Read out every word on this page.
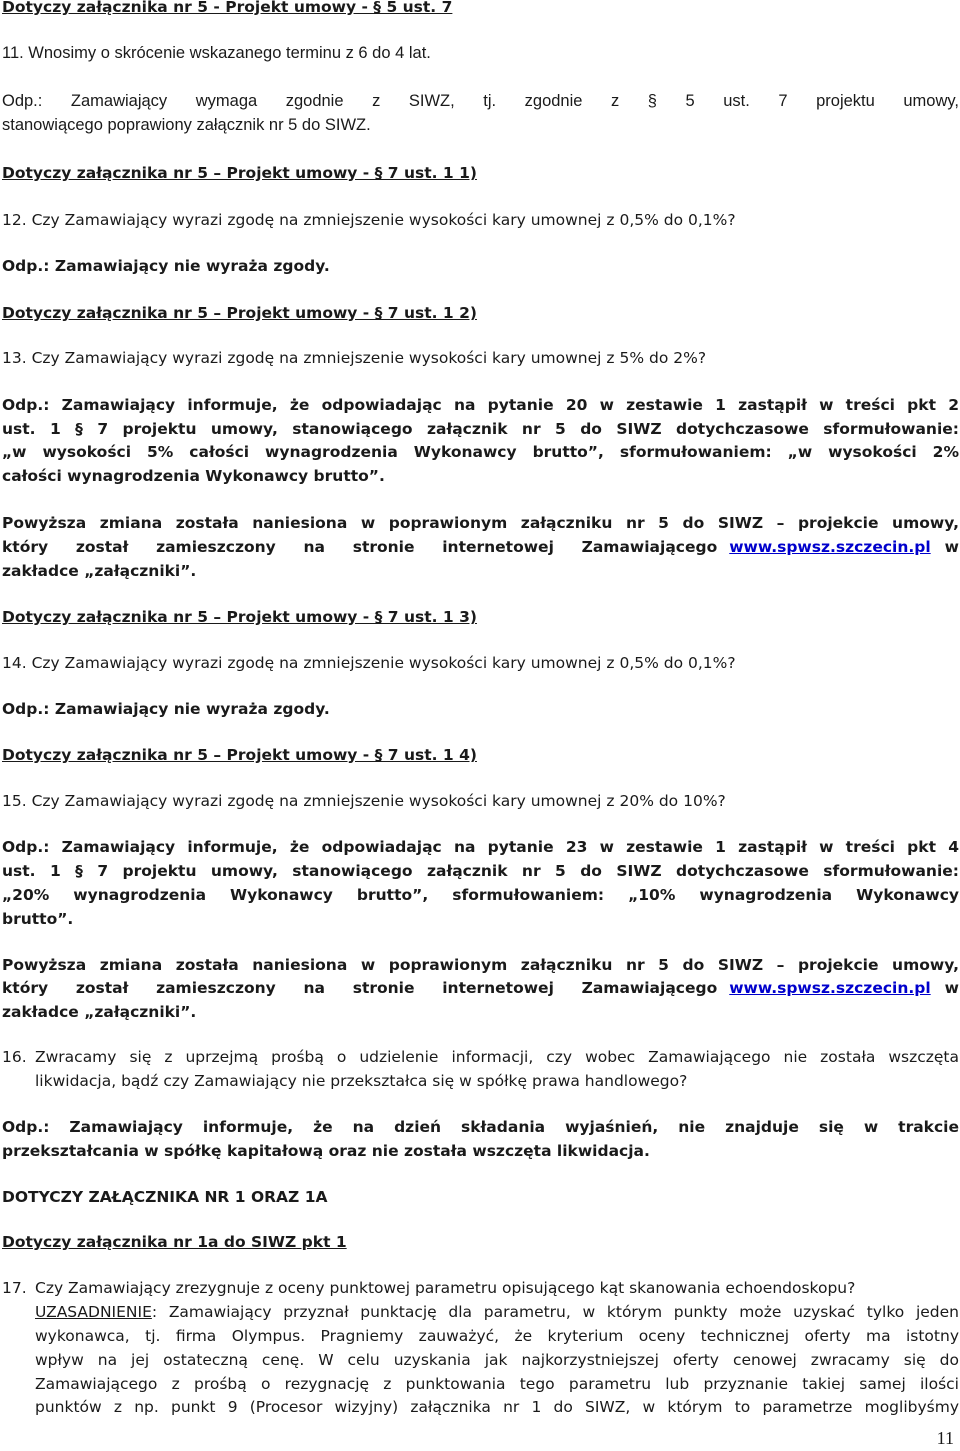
Dotyczy załącznika nr 5 - Projekt umowy - § 5 ust. 7
11. Wnosimy o skrócenie wskazanego terminu z 6 do 4 lat.
Odp.: Zamawiający wymaga zgodnie z SIWZ, tj. zgodnie z § 5 ust. 7 projektu umowy,
stanowiącego poprawiony załącznik nr 5 do SIWZ.
Dotyczy załącznika nr 5 – Projekt umowy - § 7 ust. 1 1)
12. Czy Zamawiający wyrazi zgodę na zmniejszenie wysokości kary umownej z 0,5% do 0,1%?
Odp.: Zamawiający nie wyraża zgody.
Dotyczy załącznika nr 5 – Projekt umowy - § 7 ust. 1 2)
13. Czy Zamawiający wyrazi zgodę na zmniejszenie wysokości kary umownej z 5% do 2%?
Odp.: Zamawiający informuje, że odpowiadając na pytanie 20 w zestawie 1 zastąpił w treści pkt 2
ust. 1 § 7 projektu umowy, stanowiącego załącznik nr 5 do SIWZ dotychczasowe sformułowanie:
„w wysokości 5% całości wynagrodzenia Wykonawcy brutto”, sformułowaniem: „w wysokości 2%
całości wynagrodzenia Wykonawcy brutto”.
Powyższa zmiana została naniesiona w poprawionym załączniku nr 5 do SIWZ – projekcie umowy,
który został zamieszczony na stronie internetowej Zamawiającego www.spwsz.szczecin.pl w
zakładce „załączniki”.
Dotyczy załącznika nr 5 – Projekt umowy - § 7 ust. 1 3)
14. Czy Zamawiający wyrazi zgodę na zmniejszenie wysokości kary umownej z 0,5% do 0,1%?
Odp.: Zamawiający nie wyraża zgody.
Dotyczy załącznika nr 5 – Projekt umowy - § 7 ust. 1 4)
15. Czy Zamawiający wyrazi zgodę na zmniejszenie wysokości kary umownej z 20% do 10%?
Odp.: Zamawiający informuje, że odpowiadając na pytanie 23 w zestawie 1 zastąpił w treści pkt 4
ust. 1 § 7 projektu umowy, stanowiącego załącznik nr 5 do SIWZ dotychczasowe sformułowanie:
„20% wynagrodzenia Wykonawcy brutto”, sformułowaniem: „10% wynagrodzenia Wykonawcy
brutto”.
Powyższa zmiana została naniesiona w poprawionym załączniku nr 5 do SIWZ – projekcie umowy,
który został zamieszczony na stronie internetowej Zamawiającego www.spwsz.szczecin.pl w
zakładce „załączniki”.
16. Zwracamy się z uprzejmą prośbą o udzielenie informacji, czy wobec Zamawiającego nie została wszczęta
likwidacja, bądź czy Zamawiający nie przekształca się w spółkę prawa handlowego?
Odp.: Zamawiający informuje, że na dzień składania wyjaśnień, nie znajduje się w trakcie
przekształcania w spółkę kapitałową oraz nie została wszczęta likwidacja.
DOTYCZY ZAŁĄCZNIKA NR 1 ORAZ 1A
Dotyczy załącznika nr 1a do SIWZ pkt 1
17. Czy Zamawiający zrezygnuje z oceny punktowej parametru opisującego kąt skanowania echoendoskopu?
UZASADNIENIE: Zamawiający przyznał punktację dla parametru, w którym punkty może uzyskać tylko jeden
wykonawca, tj. firma Olympus. Pragniemy zauważyć, że kryterium oceny technicznej oferty ma istotny
wpływ na jej ostateczną cenę. W celu uzyskania jak najkorzystniejszej oferty cenowej zwracamy się do
Zamawiającego z prośbą o rezygnację z punktowania tego parametru lub przyznanie takiej samej ilości
punktów z np. punkt 9 (Procesor wizyjny) załącznika nr 1 do SIWZ, w którym to parametrze moglibyśmy
11
